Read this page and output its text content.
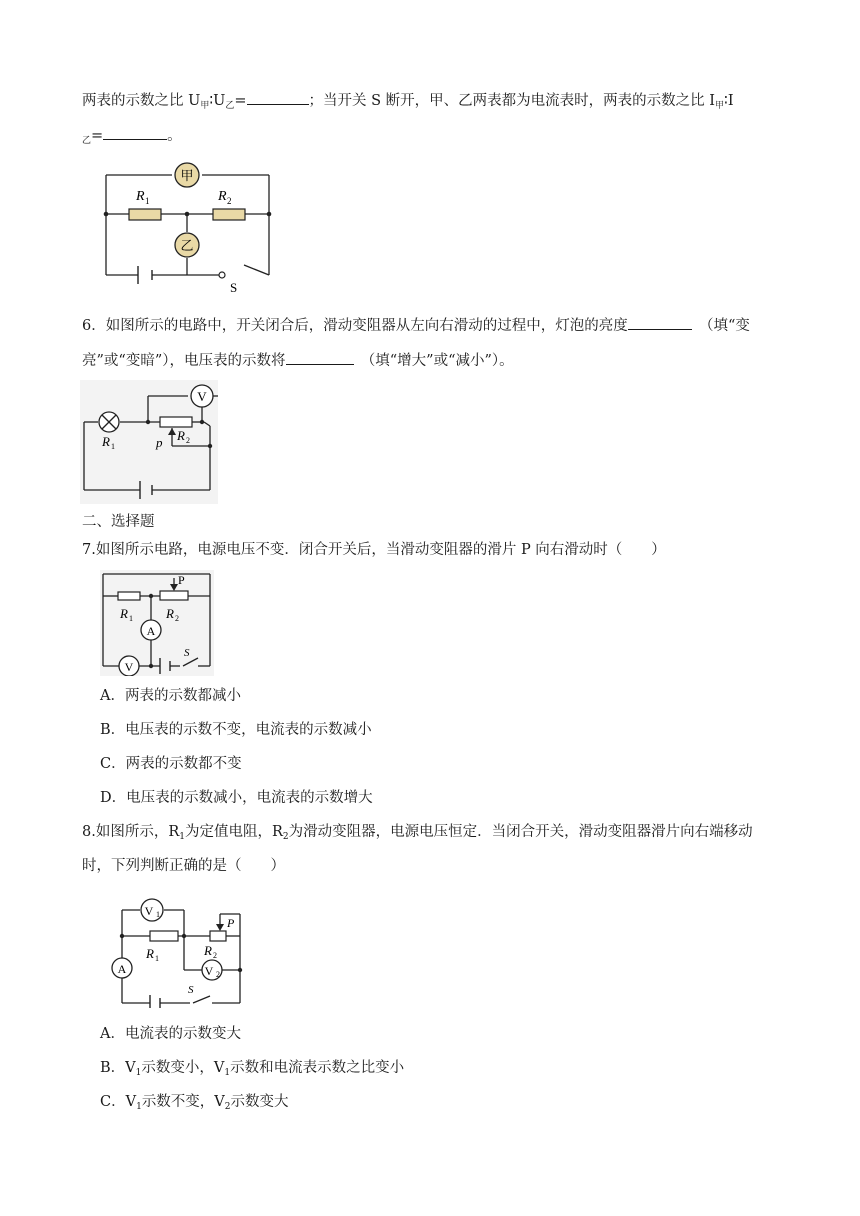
两表的示数之比 $U_甲∶U_乙=$	；当开关 S 断开，甲、乙两表都为电流表时，两表的示数之比 $I_甲∶I$
$_乙$=	。
甲
乙
R 1	R 2
S
6．如图所示的电路中，开关闭合后，滑动变阻器从左向右滑动的过程中，灯泡的亮度　	（填“变
亮”或“变暗”），电压表的示数将　	（填“增大”或“减小”）。
V
R 1
R 2
p
二、选择题
7.如图所示电路，电源电压不变．闭合开关后，当滑动变阻器的滑片 P 向右滑动时（　　）
P
R 1	R 2
A
V
S
A．两表的示数都减小
B．电压表的示数不变，电流表的示数减小
C．两表的示数都不变
D．电压表的示数减小，电流表的示数增大
8.如图所示，$R_1$为定值电阻，$R_2$为滑动变阻器，电源电压恒定．当闭合开关，滑动变阻器滑片向右端移动
时，下列判断正确的是（　　）
P
V 1
A	V 2
R 1
R 2
S
A．电流表的示数变大
B．$V_1$示数变小，$V_1$示数和电流表示数之比变小
C．$V_1$示数不变，$V_2$示数变大
